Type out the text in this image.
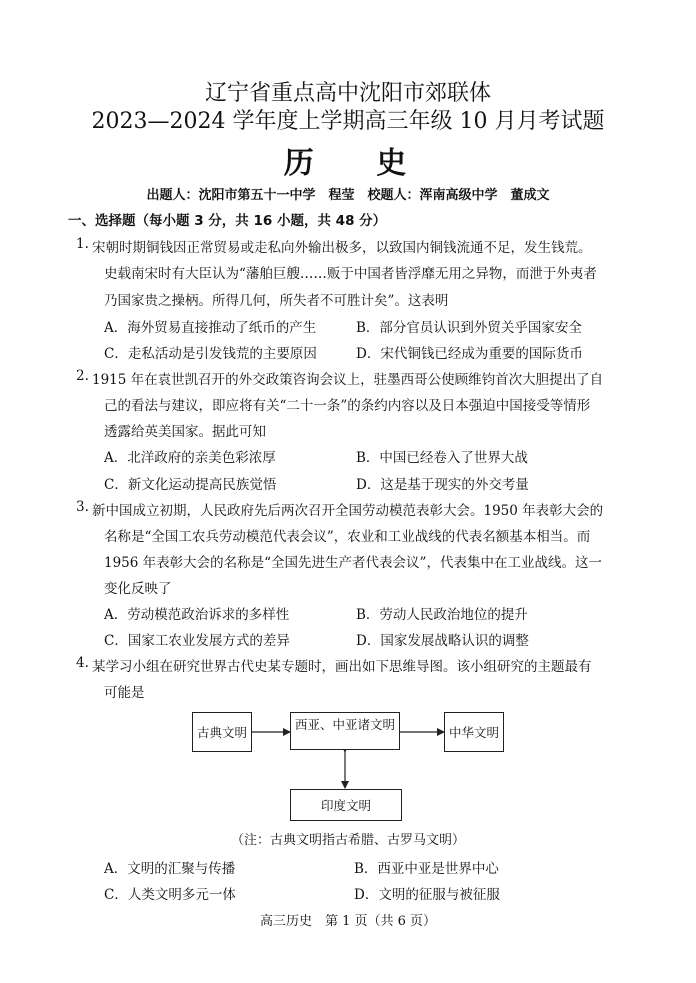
辽宁省重点高中沈阳市郊联体
2023—2024 学年度上学期高三年级 10 月月考试题
历 史
出题人：沈阳市第五十一中学　程莹　校题人：浑南高级中学　董成文
一、选择题（每小题 3 分，共 16 小题，共 48 分）
1. 宋朝时期铜钱因正常贸易或走私向外输出极多，以致国内铜钱流通不足，发生钱荒。
史载南宋时有大臣认为“藩舶巨艘……贩于中国者皆浮靡无用之异物，而泄于外夷者
乃国家贵之操柄。所得几何，所失者不可胜计矣”。这表明
A．海外贸易直接推动了纸币的产生	B．部分官员认识到外贸关乎国家安全
C．走私活动是引发钱荒的主要原因	D．宋代铜钱已经成为重要的国际货币
2. 1915 年在袁世凯召开的外交政策咨询会议上，驻墨西哥公使顾维钧首次大胆提出了自
己的看法与建议，即应将有关“二十一条”的条约内容以及日本强迫中国接受等情形
透露给英美国家。据此可知
A．北洋政府的亲美色彩浓厚	B．中国已经卷入了世界大战
C．新文化运动提高民族觉悟	D．这是基于现实的外交考量
3. 新中国成立初期，人民政府先后两次召开全国劳动模范表彰大会。1950 年表彰大会的
名称是“全国工农兵劳动模范代表会议”，农业和工业战线的代表名额基本相当。而
1956 年表彰大会的名称是“全国先进生产者代表会议”，代表集中在工业战线。这一
变化反映了
A．劳动模范政治诉求的多样性	B．劳动人民政治地位的提升
C．国家工农业发展方式的差异	D．国家发展战略认识的调整
4. 某学习小组在研究世界古代史某专题时，画出如下思维导图。该小组研究的主题最有
可能是
古典文明
西亚、中亚诸文明
中华文明
印度文明
（注：古典文明指古希腊、古罗马文明）
A．文明的汇聚与传播	B．西亚中亚是世界中心
C．人类文明多元一体	D．文明的征服与被征服
高三历史　第 1 页（共 6 页）
